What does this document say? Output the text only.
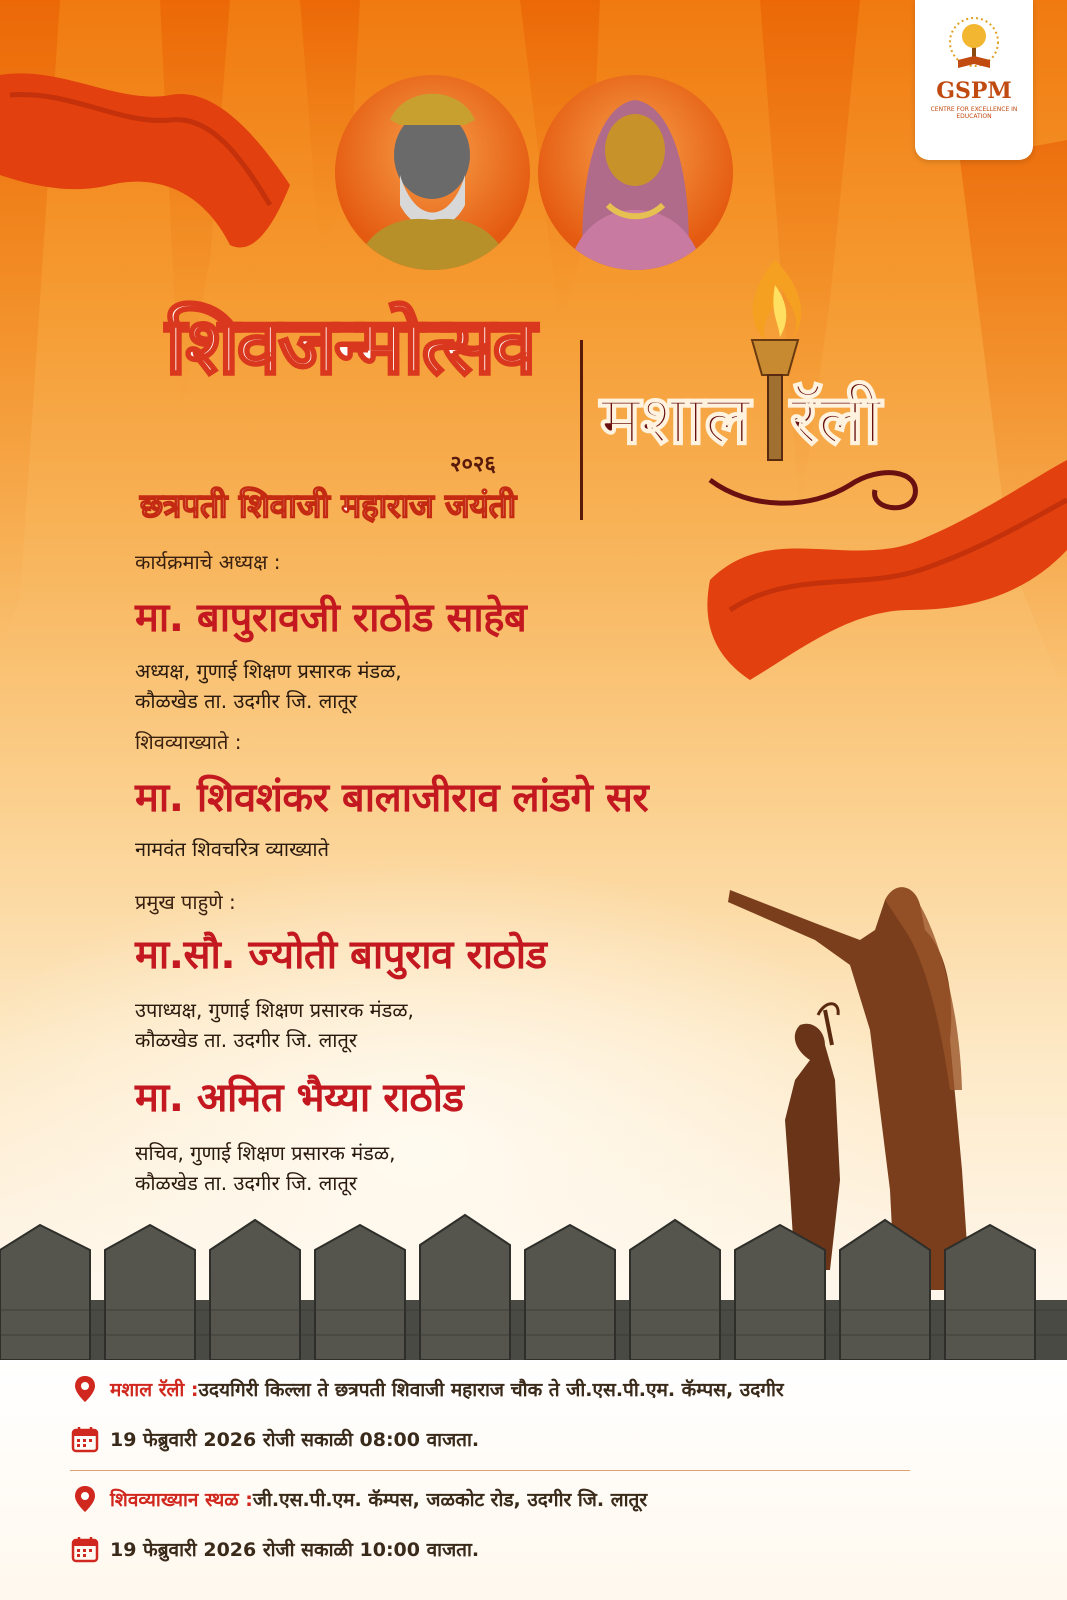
GSPM
CENTRE FOR EXCELLENCE IN EDUCATION
शिवजन्मोत्सव
२०२६
छत्रपती शिवाजी महाराज जयंती
मशाल रॅली
कार्यक्रमाचे अध्यक्ष :
मा. बापुरावजी राठोड साहेब
अध्यक्ष, गुणाई शिक्षण प्रसारक मंडळ,
कौळखेड ता. उदगीर जि. लातूर
शिवव्याख्याते :
मा. शिवशंकर बालाजीराव लांडगे सर
नामवंत शिवचरित्र व्याख्याते
प्रमुख पाहुणे :
मा.सौ. ज्योती बापुराव राठोड
उपाध्यक्ष, गुणाई शिक्षण प्रसारक मंडळ,
कौळखेड ता. उदगीर जि. लातूर
मा. अमित भैय्या राठोड
सचिव, गुणाई शिक्षण प्रसारक मंडळ,
कौळखेड ता. उदगीर जि. लातूर
मशाल रॅली : उदयगिरी किल्ला ते छत्रपती शिवाजी महाराज चौक ते जी.एस.पी.एम. कॅम्पस, उदगीर
19 फेब्रुवारी 2026 रोजी सकाळी 08:00 वाजता.
शिवव्याख्यान स्थळ : जी.एस.पी.एम. कॅम्पस, जळकोट रोड, उदगीर जि. लातूर
19 फेब्रुवारी 2026 रोजी सकाळी 10:00 वाजता.
